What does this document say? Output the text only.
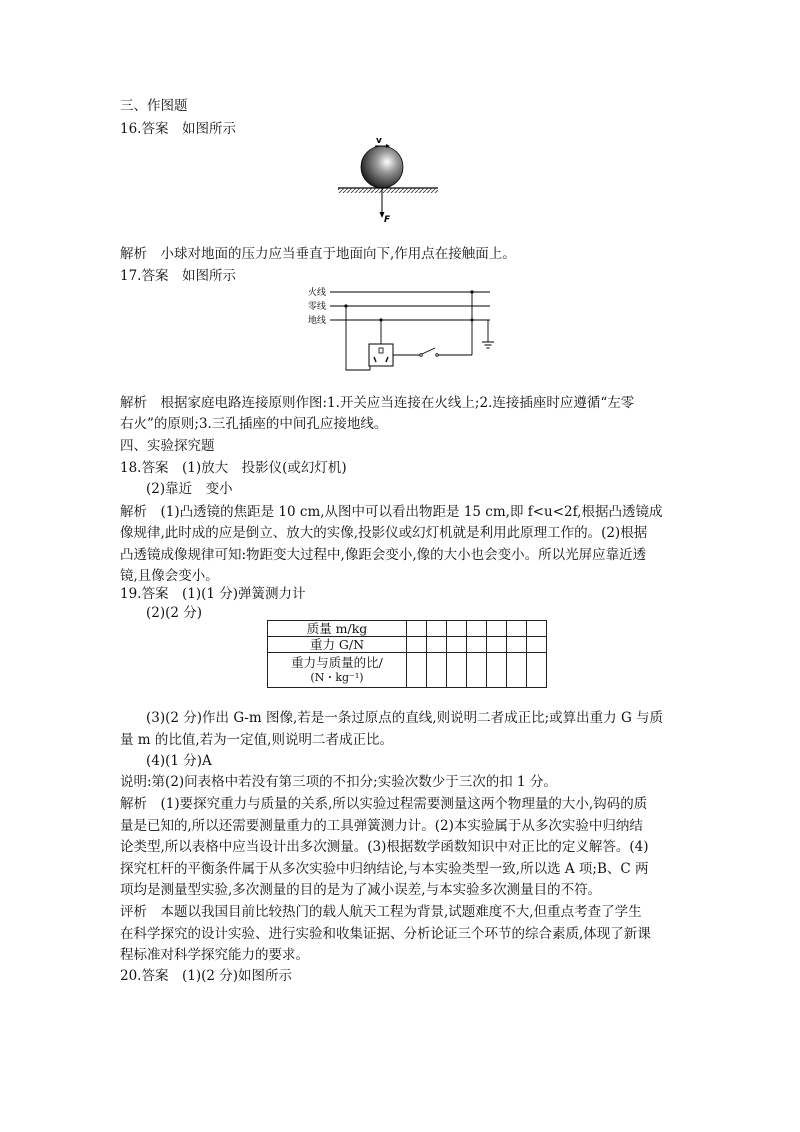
三、作图题
16.答案　如图所示
v
F
解析　小球对地面的压力应当垂直于地面向下,作用点在接触面上。
17.答案　如图所示
火线
零线
地线
解析　根据家庭电路连接原则作图:1.开关应当连接在火线上;2.连接插座时应遵循“左零
右火”的原则;3.三孔插座的中间孔应接地线。
四、实验探究题
18.答案　(1)放大　投影仪(或幻灯机)
(2)靠近　变小
解析　(1)凸透镜的焦距是 10 cm,从图中可以看出物距是 15 cm,即 f<u<2f,根据凸透镜成
像规律,此时成的应是倒立、放大的实像,投影仪或幻灯机就是利用此原理工作的。(2)根据
凸透镜成像规律可知:物距变大过程中,像距会变小,像的大小也会变小。所以光屏应靠近透
镜,且像会变小。
19.答案　(1)(1 分)弹簧测力计
(2)(2 分)
质量 m/kg							
重力 G/N							

重力与质量的比/
(N・kg⁻¹)							

(3)(2 分)作出 G-m 图像,若是一条过原点的直线,则说明二者成正比;或算出重力 G 与质
量 m 的比值,若为一定值,则说明二者成正比。
(4)(1 分)A
说明:第(2)问表格中若没有第三项的不扣分;实验次数少于三次的扣 1 分。
解析　(1)要探究重力与质量的关系,所以实验过程需要测量这两个物理量的大小,钩码的质
量是已知的,所以还需要测量重力的工具弹簧测力计。(2)本实验属于从多次实验中归纳结
论类型,所以表格中应当设计出多次测量。(3)根据数学函数知识中对正比的定义解答。(4)
探究杠杆的平衡条件属于从多次实验中归纳结论,与本实验类型一致,所以选 A 项;B、C 两
项均是测量型实验,多次测量的目的是为了减小误差,与本实验多次测量目的不符。
评析　本题以我国目前比较热门的载人航天工程为背景,试题难度不大,但重点考查了学生
在科学探究的设计实验、进行实验和收集证据、分析论证三个环节的综合素质,体现了新课
程标准对科学探究能力的要求。
20.答案　(1)(2 分)如图所示
